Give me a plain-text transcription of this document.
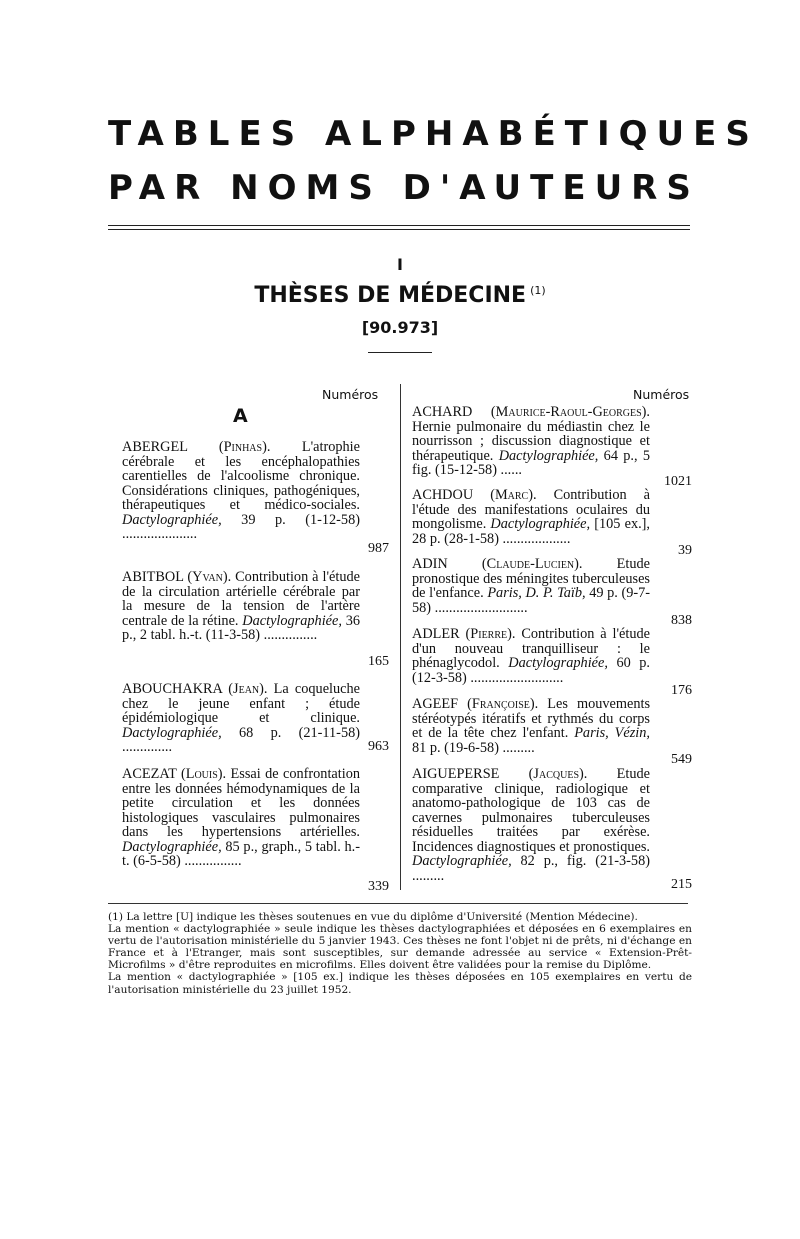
TABLES ALPHABÉTIQUES
PAR NOMS D'AUTEURS
I
THÈSES DE MÉDECINE $^{(1)}$
[90.973]
Numéros	Numéros
A
ABERGEL (Pinhas). L'atrophie cérébrale et les encéphalopathies carentielles de l'alcoolisme chronique. Considérations cliniques, pathogéniques, thérapeutiques et médico-sociales. Dactylographiée, 39 p. (1-12-58) .....................
987
ABITBOL (Yvan). Contribution à l'étude de la circulation artérielle cérébrale par la mesure de la tension de l'artère centrale de la rétine. Dactylographiée, 36 p., 2 tabl. h.-t. (11-3-58) ...............
165
ABOUCHAKRA (Jean). La coqueluche chez le jeune enfant ; étude épidémiologique et clinique. Dactylographiée, 68 p. (21-11-58) ..............	963
ACEZAT (Louis). Essai de confrontation entre les données hémodynamiques de la petite circulation et les données histologiques vasculaires pulmonaires dans les hypertensions artérielles. Dactylographiée, 85 p., graph., 5 tabl. h.-t. (6-5-58) ................
339
ACHARD (Maurice-Raoul-Georges). Hernie pulmonaire du médiastin chez le nourrisson ; discussion diagnostique et thérapeutique. Dactylographiée, 64 p., 5 fig. (15-12-58) ......
1021
ACHDOU (Marc). Contribution à l'étude des manifestations oculaires du mongolisme. Dactylographiée, [105 ex.], 28 p. (28-1-58) ...................
39
ADIN (Claude-Lucien). Etude pronostique des méningites tuberculeuses de l'enfance. Paris, D. P. Taïb, 49 p. (9-7-58) ..........................
838
ADLER (Pierre). Contribution à l'étude d'un nouveau tranquilliseur : le phénaglycodol. Dactylographiée, 60 p. (12-3-58) ..........................
176
AGEEF (Françoise). Les mouvements stéréotypés itératifs et rythmés du corps et de la tête chez l'enfant. Paris, Vézin, 81 p. (19-6-58) .........
549
AIGUEPERSE (Jacques). Etude comparative clinique, radiologique et anatomo-pathologique de 103 cas de cavernes pulmonaires tuberculeuses résiduelles traitées par exérèse. Incidences diagnostiques et pronostiques. Dactylographiée, 82 p., fig. (21-3-58) .........
215

(1) La lettre [U] indique les thèses soutenues en vue du diplôme d'Université (Mention Médecine).

La mention « dactylographiée » seule indique les thèses dactylographiées et déposées en 6 exemplaires en vertu de l'autorisation ministérielle du 5 janvier 1943. Ces thèses ne font l'objet ni de prêts, ni d'échange en France et à l'Etranger, mais sont susceptibles, sur demande adressée au service « Extension-Prêt-Microfilms » d'être reproduites en microfilms. Elles doivent être validées pour la remise du Diplôme.

La mention « dactylographiée » [105 ex.] indique les thèses déposées en 105 exemplaires en vertu de l'autorisation ministérielle du 23 juillet 1952.
